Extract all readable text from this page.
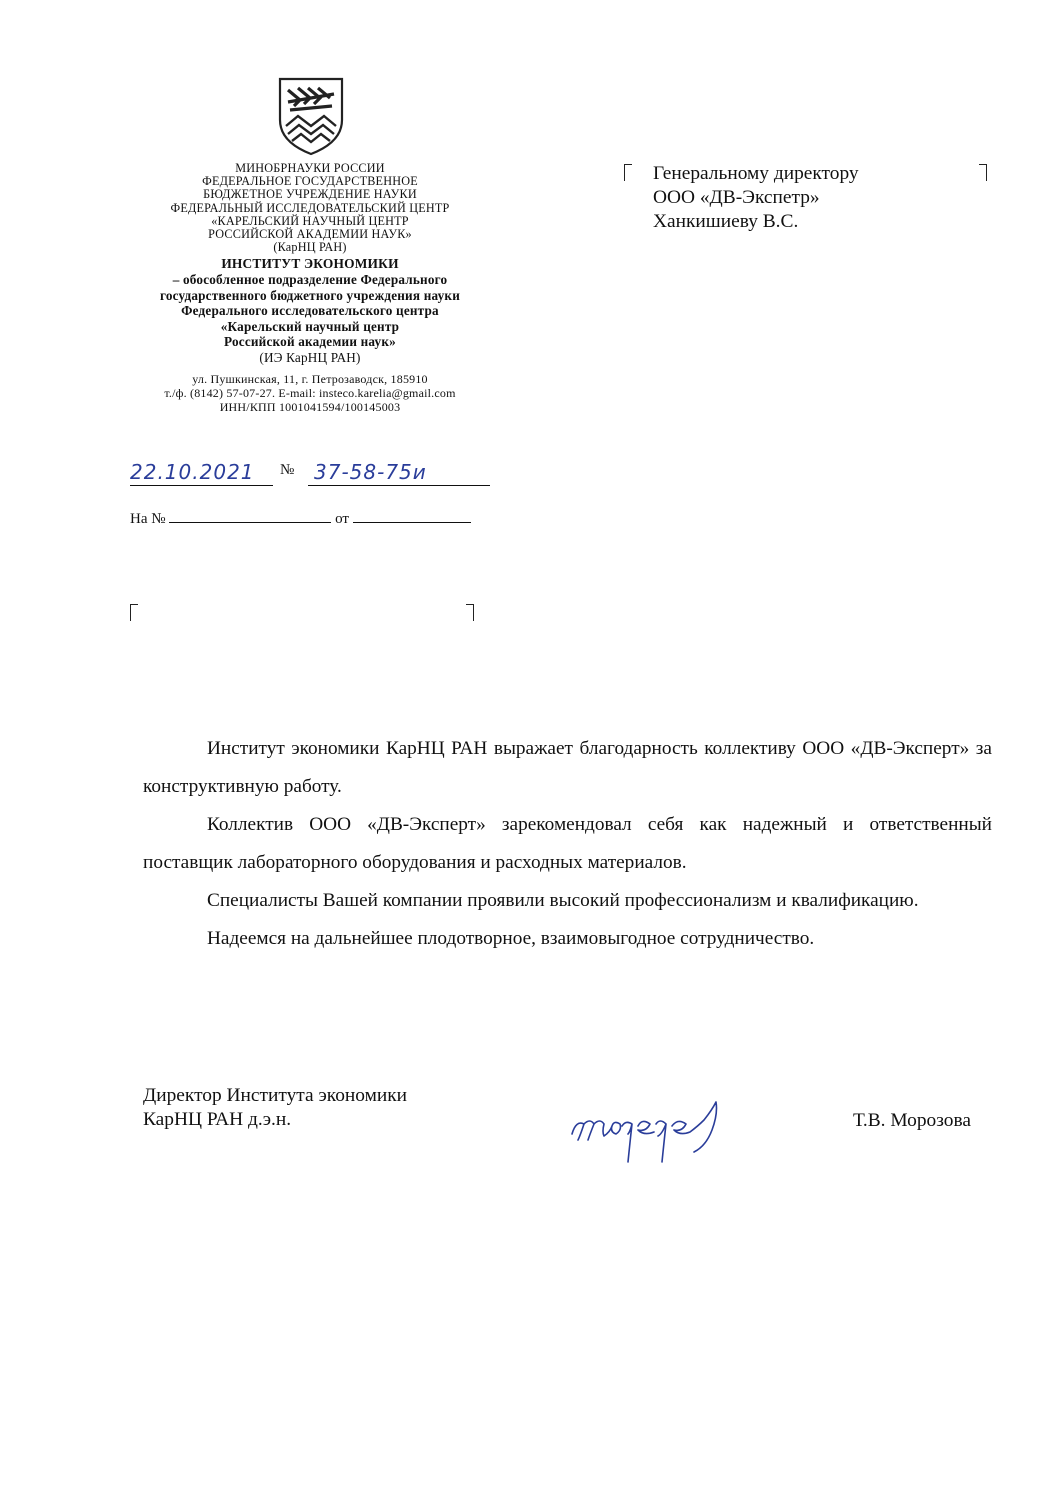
МИНОБРНАУКИ РОССИИ
ФЕДЕРАЛЬНОЕ ГОСУДАРСТВЕННОЕ
БЮДЖЕТНОЕ УЧРЕЖДЕНИЕ НАУКИ
ФЕДЕРАЛЬНЫЙ ИССЛЕДОВАТЕЛЬСКИЙ ЦЕНТР
«КАРЕЛЬСКИЙ НАУЧНЫЙ ЦЕНТР
РОССИЙСКОЙ АКАДЕМИИ НАУК»
(КарНЦ РАН)
ИНСТИТУТ ЭКОНОМИКИ
– обособленное подразделение Федерального
государственного бюджетного учреждения науки
Федерального исследовательского центра
«Карельский научный центр
Российской академии наук»
(ИЭ КарНЦ РАН)
ул. Пушкинская, 11, г. Петрозаводск, 185910
т./ф. (8142) 57-07-27. E-mail: insteco.karelia@gmail.com
ИНН/КПП 1001041594/100145003
22.10.2021	№ 37-58-75и
На №	от
Генеральному директору
ООО «ДВ-Экспетр»
Ханкишиеву В.С.

Институт экономики КарНЦ РАН выражает благодарность коллективу ООО «ДВ-Эксперт» за конструктивную работу.

Коллектив ООО «ДВ-Эксперт» зарекомендовал себя как надежный и ответственный поставщик лабораторного оборудования и расходных материалов.

Специалисты Вашей компании проявили высокий профессионализм и квалификацию.

Надеемся на дальнейшее плодотворное, взаимовыгодное сотрудничество.

Директор Института экономики
КарНЦ РАН д.э.н.	Т.В. Морозова
